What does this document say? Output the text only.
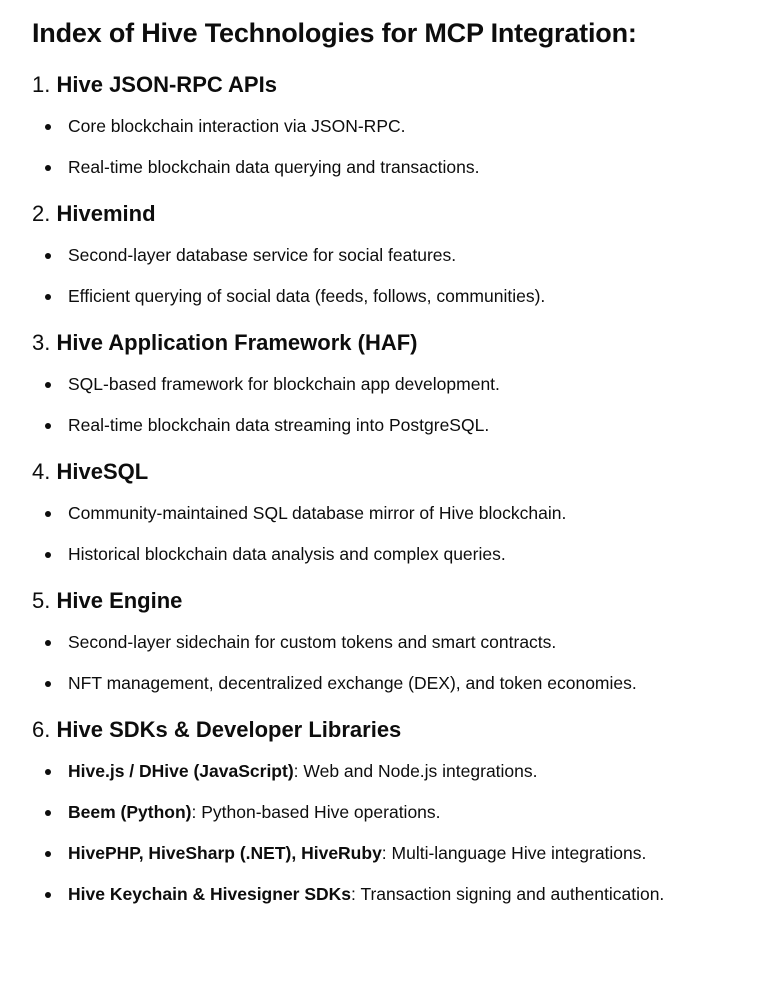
Index of Hive Technologies for MCP Integration:
1. Hive JSON-RPC APIs
Core blockchain interaction via JSON-RPC.
Real-time blockchain data querying and transactions.
2. Hivemind
Second-layer database service for social features.
Efficient querying of social data (feeds, follows, communities).
3. Hive Application Framework (HAF)
SQL-based framework for blockchain app development.
Real-time blockchain data streaming into PostgreSQL.
4. HiveSQL
Community-maintained SQL database mirror of Hive blockchain.
Historical blockchain data analysis and complex queries.
5. Hive Engine
Second-layer sidechain for custom tokens and smart contracts.
NFT management, decentralized exchange (DEX), and token economies.
6. Hive SDKs & Developer Libraries
Hive.js / DHive (JavaScript): Web and Node.js integrations.
Beem (Python): Python-based Hive operations.
HivePHP, HiveSharp (.NET), HiveRuby: Multi-language Hive integrations.
Hive Keychain & Hivesigner SDKs: Transaction signing and authentication.
